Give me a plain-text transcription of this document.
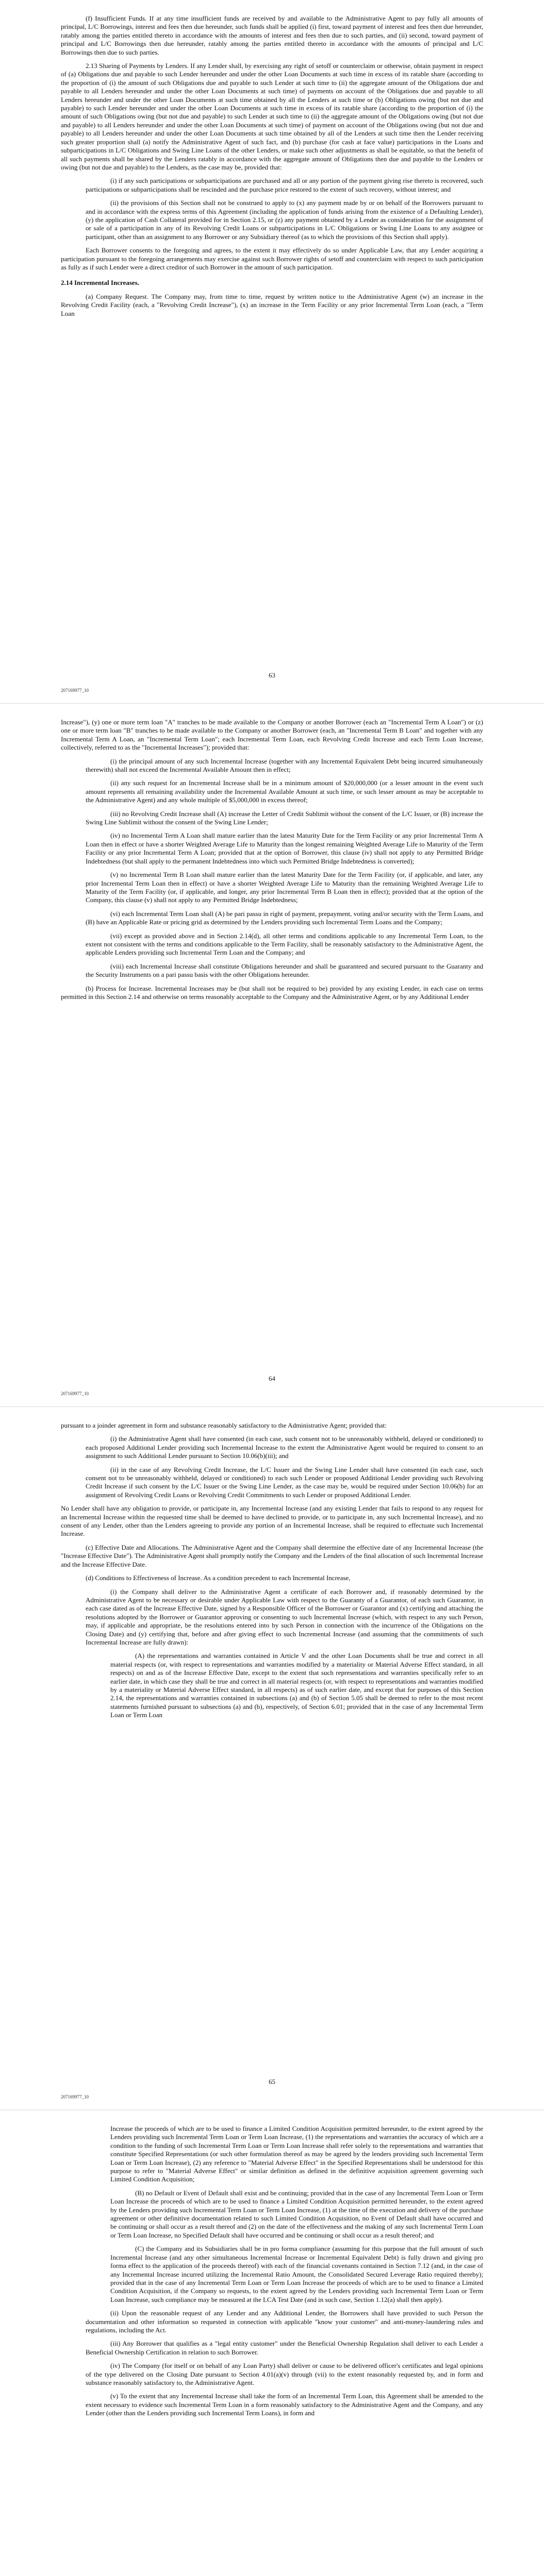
(f) Insufficient Funds. If at any time insufficient funds are received by and available to the Administrative Agent to pay fully all amounts of principal, L/C Borrowings, interest and fees then due hereunder, such funds shall be applied (i) first, toward payment of interest and fees then due hereunder, ratably among the parties entitled thereto in accordance with the amounts of interest and fees then due to such parties, and (ii) second, toward payment of principal and L/C Borrowings then due hereunder, ratably among the parties entitled thereto in accordance with the amounts of principal and L/C Borrowings then due to such parties.

2.13 Sharing of Payments by Lenders. If any Lender shall, by exercising any right of setoff or counterclaim or otherwise, obtain payment in respect of (a) Obligations due and payable to such Lender hereunder and under the other Loan Documents at such time in excess of its ratable share (according to the proportion of (i) the amount of such Obligations due and payable to such Lender at such time to (ii) the aggregate amount of the Obligations due and payable to all Lenders hereunder and under the other Loan Documents at such time) of payments on account of the Obligations due and payable to all Lenders hereunder and under the other Loan Documents at such time obtained by all the Lenders at such time or (b) Obligations owing (but not due and payable) to such Lender hereunder and under the other Loan Documents at such time in excess of its ratable share (according to the proportion of (i) the amount of such Obligations owing (but not due and payable) to such Lender at such time to (ii) the aggregate amount of the Obligations owing (but not due and payable) to all Lenders hereunder and under the other Loan Documents at such time) of payment on account of the Obligations owing (but not due and payable) to all Lenders hereunder and under the other Loan Documents at such time obtained by all of the Lenders at such time then the Lender receiving such greater proportion shall (a) notify the Administrative Agent of such fact, and (b) purchase (for cash at face value) participations in the Loans and subparticipations in L/C Obligations and Swing Line Loans of the other Lenders, or make such other adjustments as shall be equitable, so that the benefit of all such payments shall be shared by the Lenders ratably in accordance with the aggregate amount of Obligations then due and payable to the Lenders or owing (but not due and payable) to the Lenders, as the case may be, provided that:

(i) if any such participations or subparticipations are purchased and all or any portion of the payment giving rise thereto is recovered, such participations or subparticipations shall be rescinded and the purchase price restored to the extent of such recovery, without interest; and

(ii) the provisions of this Section shall not be construed to apply to (x) any payment made by or on behalf of the Borrowers pursuant to and in accordance with the express terms of this Agreement (including the application of funds arising from the existence of a Defaulting Lender), (y) the application of Cash Collateral provided for in Section 2.15, or (z) any payment obtained by a Lender as consideration for the assignment of or sale of a participation in any of its Revolving Credit Loans or subparticipations in L/C Obligations or Swing Line Loans to any assignee or participant, other than an assignment to any Borrower or any Subsidiary thereof (as to which the provisions of this Section shall apply).

Each Borrower consents to the foregoing and agrees, to the extent it may effectively do so under Applicable Law, that any Lender acquiring a participation pursuant to the foregoing arrangements may exercise against such Borrower rights of setoff and counterclaim with respect to such participation as fully as if such Lender were a direct creditor of such Borrower in the amount of such participation.

2.14 Incremental Increases.

(a) Company Request. The Company may, from time to time, request by written notice to the Administrative Agent (w) an increase in the Revolving Credit Facility (each, a "Revolving Credit Increase"), (x) an increase in the Term Facility or any prior Incremental Term Loan (each, a "Term Loan

63
207169977_10

Increase"), (y) one or more term loan "A" tranches to be made available to the Company or another Borrower (each an "Incremental Term A Loan") or (z) one or more term loan "B" tranches to be made available to the Company or another Borrower (each, an "Incremental Term B Loan" and together with any Incremental Term A Loan, an "Incremental Term Loan"; each Incremental Term Loan, each Revolving Credit Increase and each Term Loan Increase, collectively, referred to as the "Incremental Increases"); provided that:

(i) the principal amount of any such Incremental Increase (together with any Incremental Equivalent Debt being incurred simultaneously therewith) shall not exceed the Incremental Available Amount then in effect;

(ii) any such request for an Incremental Increase shall be in a minimum amount of $20,000,000 (or a lesser amount in the event such amount represents all remaining availability under the Incremental Available Amount at such time, or such lesser amount as may be acceptable to the Administrative Agent) and any whole multiple of $5,000,000 in excess thereof;

(iii) no Revolving Credit Increase shall (A) increase the Letter of Credit Sublimit without the consent of the L/C Issuer, or (B) increase the Swing Line Sublimit without the consent of the Swing Line Lender;

(iv) no Incremental Term A Loan shall mature earlier than the latest Maturity Date for the Term Facility or any prior Incremental Term A Loan then in effect or have a shorter Weighted Average Life to Maturity than the longest remaining Weighted Average Life to Maturity of the Term Facility or any prior Incremental Term A Loan; provided that at the option of Borrower, this clause (iv) shall not apply to any Permitted Bridge Indebtedness (but shall apply to the permanent Indebtedness into which such Permitted Bridge Indebtedness is converted);

(v) no Incremental Term B Loan shall mature earlier than the latest Maturity Date for the Term Facility (or, if applicable, and later, any prior Incremental Term Loan then in effect) or have a shorter Weighted Average Life to Maturity than the remaining Weighted Average Life to Maturity of the Term Facility (or, if applicable, and longer, any prior Incremental Term B Loan then in effect); provided that at the option of the Company, this clause (v) shall not apply to any Permitted Bridge Indebtedness;

(vi) each Incremental Term Loan shall (A) be pari passu in right of payment, prepayment, voting and/or security with the Term Loans, and (B) have an Applicable Rate or pricing grid as determined by the Lenders providing such Incremental Term Loans and the Company;

(vii) except as provided above and in Section 2.14(d), all other terms and conditions applicable to any Incremental Term Loan, to the extent not consistent with the terms and conditions applicable to the Term Facility, shall be reasonably satisfactory to the Administrative Agent, the applicable Lenders providing such Incremental Term Loan and the Company; and

(viii) each Incremental Increase shall constitute Obligations hereunder and shall be guaranteed and secured pursuant to the Guaranty and the Security Instruments on a pari passu basis with the other Obligations hereunder.

(b) Process for Increase. Incremental Increases may be (but shall not be required to be) provided by any existing Lender, in each case on terms permitted in this Section 2.14 and otherwise on terms reasonably acceptable to the Company and the Administrative Agent, or by any Additional Lender

64
207169977_10

pursuant to a joinder agreement in form and substance reasonably satisfactory to the Administrative Agent; provided that:

(i) the Administrative Agent shall have consented (in each case, such consent not to be unreasonably withheld, delayed or conditioned) to each proposed Additional Lender providing such Incremental Increase to the extent the Administrative Agent would be required to consent to an assignment to such Additional Lender pursuant to Section 10.06(b)(iii); and

(ii) in the case of any Revolving Credit Increase, the L/C Issuer and the Swing Line Lender shall have consented (in each case, such consent not to be unreasonably withheld, delayed or conditioned) to each such Lender or proposed Additional Lender providing such Revolving Credit Increase if such consent by the L/C Issuer or the Swing Line Lender, as the case may be, would be required under Section 10.06(b) for an assignment of Revolving Credit Loans or Revolving Credit Commitments to such Lender or proposed Additional Lender.

No Lender shall have any obligation to provide, or participate in, any Incremental Increase (and any existing Lender that fails to respond to any request for an Incremental Increase within the requested time shall be deemed to have declined to provide, or to participate in, any such Incremental Increase), and no consent of any Lender, other than the Lenders agreeing to provide any portion of an Incremental Increase, shall be required to effectuate such Incremental Increase.

(c) Effective Date and Allocations. The Administrative Agent and the Company shall determine the effective date of any Incremental Increase (the "Increase Effective Date"). The Administrative Agent shall promptly notify the Company and the Lenders of the final allocation of such Incremental Increase and the Increase Effective Date.

(d) Conditions to Effectiveness of Increase. As a condition precedent to each Incremental Increase,

(i) the Company shall deliver to the Administrative Agent a certificate of each Borrower and, if reasonably determined by the Administrative Agent to be necessary or desirable under Applicable Law with respect to the Guaranty of a Guarantor, of each such Guarantor, in each case dated as of the Increase Effective Date, signed by a Responsible Officer of the Borrower or Guarantor and (x) certifying and attaching the resolutions adopted by the Borrower or Guarantor approving or consenting to such Incremental Increase (which, with respect to any such Person, may, if applicable and appropriate, be the resolutions entered into by such Person in connection with the incurrence of the Obligations on the Closing Date) and (y) certifying that, before and after giving effect to such Incremental Increase (and assuming that the commitments of such Incremental Increase are fully drawn):

(A) the representations and warranties contained in Article V and the other Loan Documents shall be true and correct in all material respects (or, with respect to representations and warranties modified by a materiality or Material Adverse Effect standard, in all respects) on and as of the Increase Effective Date, except to the extent that such representations and warranties specifically refer to an earlier date, in which case they shall be true and correct in all material respects (or, with respect to representations and warranties modified by a materiality or Material Adverse Effect standard, in all respects) as of such earlier date, and except that for purposes of this Section 2.14, the representations and warranties contained in subsections (a) and (b) of Section 5.05 shall be deemed to refer to the most recent statements furnished pursuant to subsections (a) and (b), respectively, of Section 6.01; provided that in the case of any Incremental Term Loan or Term Loan

65
207169977_10

Increase the proceeds of which are to be used to finance a Limited Condition Acquisition permitted hereunder, to the extent agreed by the Lenders providing such Incremental Term Loan or Term Loan Increase, (1) the representations and warranties the accuracy of which are a condition to the funding of such Incremental Term Loan or Term Loan Increase shall refer solely to the representations and warranties that constitute Specified Representations (or such other formulation thereof as may be agreed by the lenders providing such Incremental Term Loan or Term Loan Increase), (2) any reference to "Material Adverse Effect" in the Specified Representations shall be understood for this purpose to refer to "Material Adverse Effect" or similar definition as defined in the definitive acquisition agreement governing such Limited Condition Acquisition;

(B) no Default or Event of Default shall exist and be continuing; provided that in the case of any Incremental Term Loan or Term Loan Increase the proceeds of which are to be used to finance a Limited Condition Acquisition permitted hereunder, to the extent agreed by the Lenders providing such Incremental Term Loan or Term Loan Increase, (1) at the time of the execution and delivery of the purchase agreement or other definitive documentation related to such Limited Condition Acquisition, no Event of Default shall have occurred and be continuing or shall occur as a result thereof and (2) on the date of the effectiveness and the making of any such Incremental Term Loan or Term Loan Increase, no Specified Default shall have occurred and be continuing or shall occur as a result thereof; and

(C) the Company and its Subsidiaries shall be in pro forma compliance (assuming for this purpose that the full amount of such Incremental Increase (and any other simultaneous Incremental Increase or Incremental Equivalent Debt) is fully drawn and giving pro forma effect to the application of the proceeds thereof) with each of the financial covenants contained in Section 7.12 (and, in the case of any Incremental Increase incurred utilizing the Incremental Ratio Amount, the Consolidated Secured Leverage Ratio required thereby); provided that in the case of any Incremental Term Loan or Term Loan Increase the proceeds of which are to be used to finance a Limited Condition Acquisition, if the Company so requests, to the extent agreed by the Lenders providing such Incremental Term Loan or Term Loan Increase, such compliance may be measured at the LCA Test Date (and in such case, Section 1.12(a) shall then apply).

(ii) Upon the reasonable request of any Lender and any Additional Lender, the Borrowers shall have provided to such Person the documentation and other information so requested in connection with applicable "know your customer" and anti-money-laundering rules and regulations, including the Act.

(iii) Any Borrower that qualifies as a "legal entity customer" under the Beneficial Ownership Regulation shall deliver to each Lender a Beneficial Ownership Certification in relation to such Borrower.

(iv) The Company (for itself or on behalf of any Loan Party) shall deliver or cause to be delivered officer's certificates and legal opinions of the type delivered on the Closing Date pursuant to Section 4.01(a)(v) through (vii) to the extent reasonably requested by, and in form and substance reasonably satisfactory to, the Administrative Agent.

(v) To the extent that any Incremental Increase shall take the form of an Incremental Term Loan, this Agreement shall be amended to the extent necessary to evidence such Incremental Term Loan in a form reasonably satisfactory to the Administrative Agent and the Company, and any Lender (other than the Lenders providing such Incremental Term Loans), in form and
